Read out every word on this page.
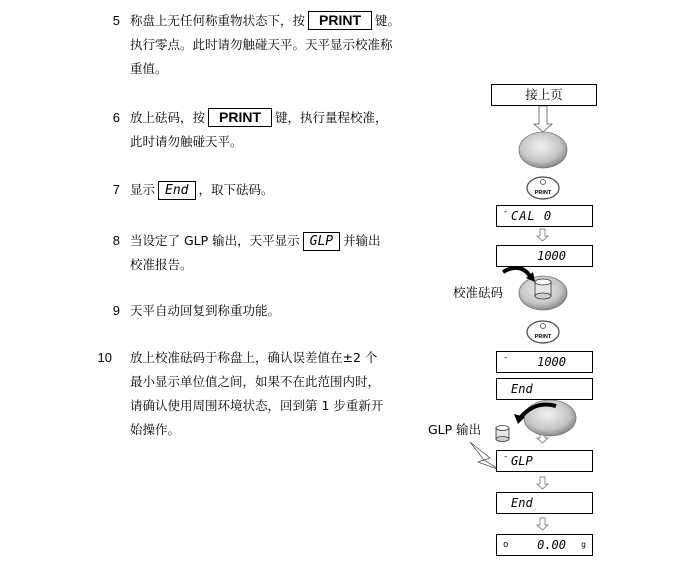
5 称盘上无任何称重物状态下，按 PRINT 键。
执行零点。此时请勿触碰天平。天平显示校准称
重值。
6 放上砝码，按 PRINT 键，执行量程校准，
此时请勿触碰天平。
7 显示 End ，取下砝码。
8 当设定了 GLP 输出，天平显示 GLP 并输出
校准报告。
9 天平自动回复到称重功能。
10 放上校准砝码于称盘上，确认误差值在±2 个
最小显示单位值之间，如果不在此范围内时，
请确认使用周围环境状态，回到第 1 步重新开
始操作。
PRINT
PRINT
接上页
校准砝码
GLP 输出
- CAL 0
1000
- 1000
End
- GLP
End
o 0.00 g
